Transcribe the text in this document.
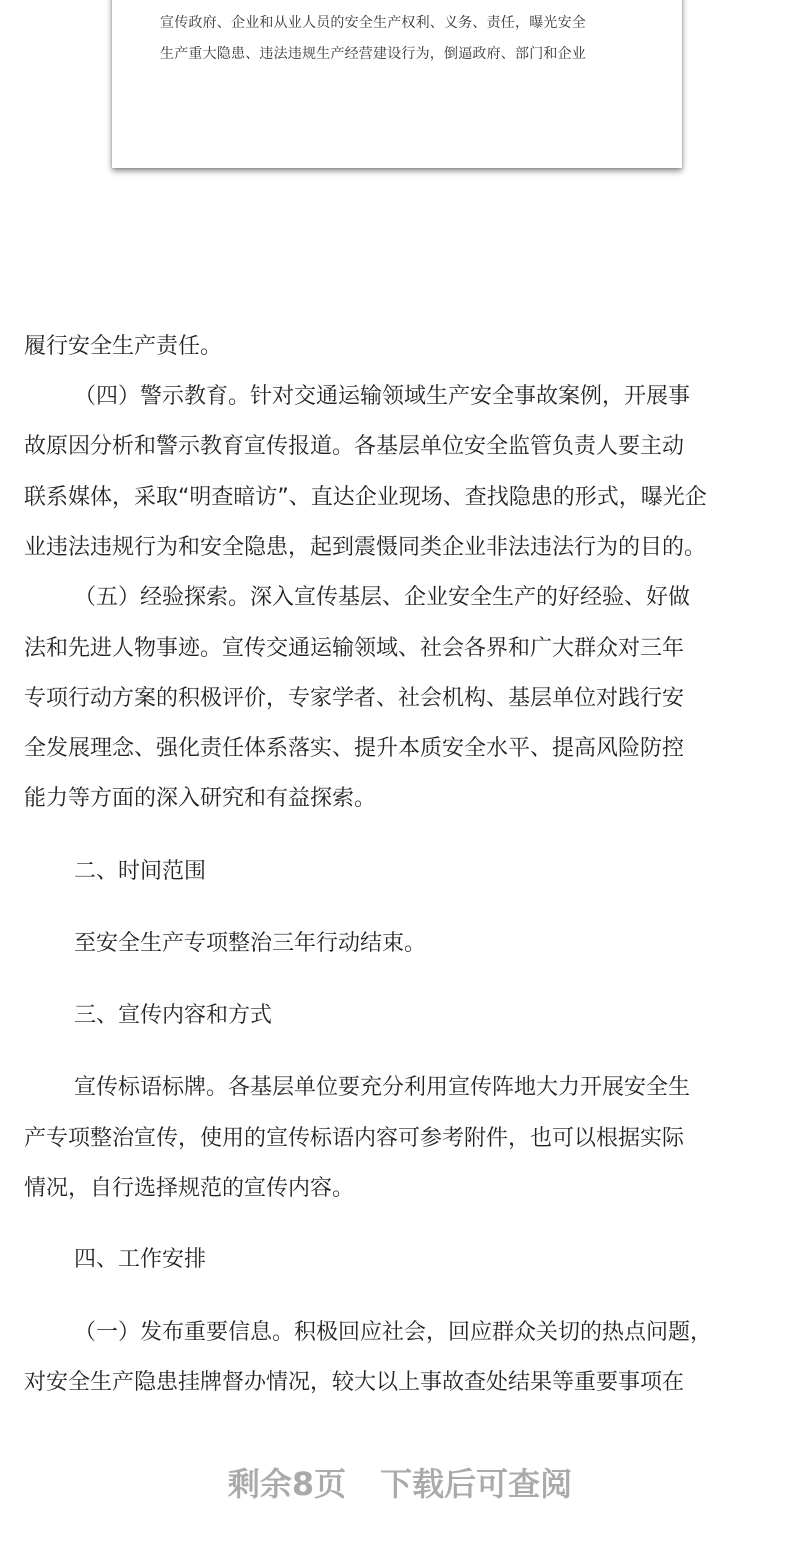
宣传政府、企业和从业人员的安全生产权利、义务、责任，曝光安全
生产重大隐患、违法违规生产经营建设行为，倒逼政府、部门和企业
履行安全生产责任。
（四）警示教育。针对交通运输领域生产安全事故案例，开展事
故原因分析和警示教育宣传报道。各基层单位安全监管负责人要主动
联系媒体，采取“明查暗访”、直达企业现场、查找隐患的形式，曝光企
业违法违规行为和安全隐患，起到震慑同类企业非法违法行为的目的。
（五）经验探索。深入宣传基层、企业安全生产的好经验、好做
法和先进人物事迹。宣传交通运输领域、社会各界和广大群众对三年
专项行动方案的积极评价，专家学者、社会机构、基层单位对践行安
全发展理念、强化责任体系落实、提升本质安全水平、提高风险防控
能力等方面的深入研究和有益探索。
二、时间范围
至安全生产专项整治三年行动结束。
三、宣传内容和方式
宣传标语标牌。各基层单位要充分利用宣传阵地大力开展安全生
产专项整治宣传，使用的宣传标语内容可参考附件，也可以根据实际
情况，自行选择规范的宣传内容。
四、工作安排
（一）发布重要信息。积极回应社会，回应群众关切的热点问题，
对安全生产隐患挂牌督办情况，较大以上事故查处结果等重要事项在
剩余8页 下载后可查阅
